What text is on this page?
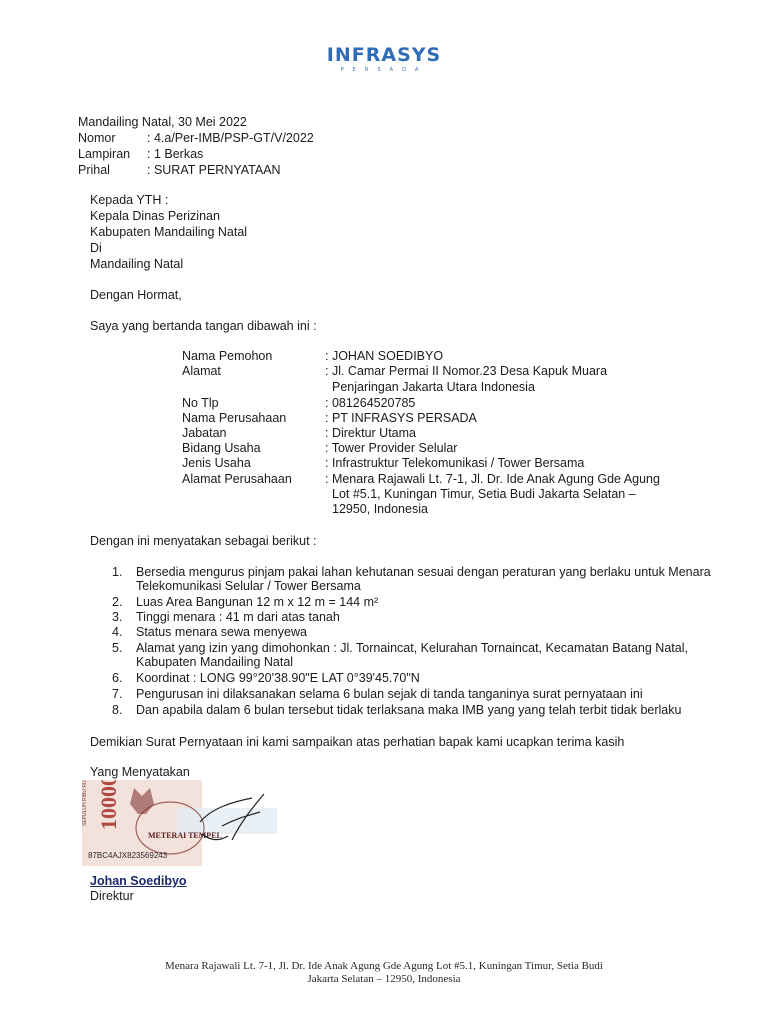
INFRASYS
PERSADA
Mandailing Natal, 30 Mei 2022
Nomor	: 4.a/Per-IMB/PSP-GT/V/2022
Lampiran : 1 Berkas
Prihal	: SURAT PERNYATAAN
Kepada YTH :
Kepala Dinas Perizinan
Kabupaten Mandailing Natal
Di
Mandailing Natal
Dengan Hormat,
Saya yang bertanda tangan dibawah ini :
Nama Pemohon	: JOHAN SOEDIBYO
Alamat	: Jl. Camar Permai II Nomor.23 Desa Kapuk Muara
Penjaringan Jakarta Utara Indonesia
No Tlp	: 081264520785
Nama Perusahaan	: PT INFRASYS PERSADA
Jabatan	: Direktur Utama
Bidang Usaha	: Tower Provider Selular
Jenis Usaha	: Infrastruktur Telekomunikasi / Tower Bersama
Alamat Perusahaan	: Menara Rajawali Lt. 7-1, Jl. Dr. Ide Anak Agung Gde Agung
Lot #5.1, Kuningan Timur, Setia Budi Jakarta Selatan –
12950, Indonesia
Dengan ini menyatakan sebagai berikut :
1. Bersedia mengurus pinjam pakai lahan kehutanan sesuai dengan peraturan yang berlaku untuk Menara
Telekomunikasi Selular / Tower Bersama
2. Luas Area Bangunan 12 m x 12 m = 144 m²
3. Tinggi menara : 41 m dari atas tanah
4. Status menara sewa menyewa
5. Alamat yang izin yang dimohonkan : Jl. Tornaincat, Kelurahan Tornaincat, Kecamatan Batang Natal,
Kabupaten Mandailing Natal
6. Koordinat : LONG 99°20'38.90"E LAT 0°39'45.70"N
7. Pengurusan ini dilaksanakan selama 6 bulan sejak di tanda tanganinya surat pernyataan ini
8. Dan apabila dalam 6 bulan tersebut tidak terlaksana maka IMB yang yang telah terbit tidak berlaku
Demikian Surat Pernyataan ini kami sampaikan atas perhatian bapak kami ucapkan terima kasih
Yang Menyatakan
SEPULUH RIBU RUPIAH 10000
METERAI TEMPEL
87BC4AJX823569243
Johan Soedibyo
Direktur
Menara Rajawali Lt. 7-1, Jl. Dr. Ide Anak Agung Gde Agung Lot #5.1, Kuningan Timur, Setia Budi
Jakarta Selatan – 12950, Indonesia
